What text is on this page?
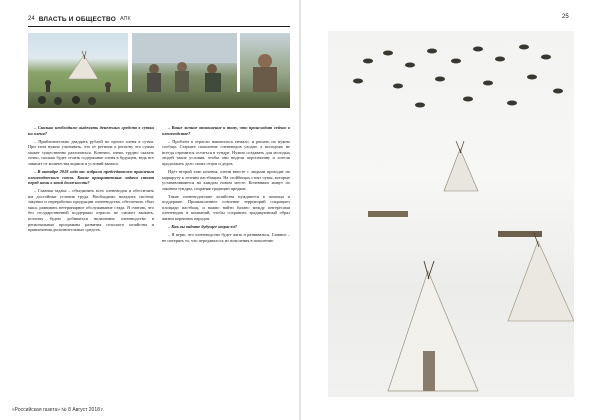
24 ВЛАСТЬ И ОБЩЕСТВО АПК	25

– Сколько необходимо выделять денежных средств в сутки на оленя?

– Приблизительно двадцать рублей на одного оленя в сутки. При этом нужно учитывать, что от региона к региону эта сумма может существенно различаться. Конечно, очень трудно сказать точно, сколько будет стоить содержание оленя в будущем, ведь все зависит от количества кормов и условий выпаса.

– В октябре 2018 года вас избрали председателем правления оленеводческого союза. Какие приоритетные задачи стоят перед вами в этой должности?

– Главная задача – объединить всех оленеводов и обеспечить им достойные условия труда. Необходимо наладить систему закупки и переработки продукции оленеводства, обеспечить сбыт мяса, развивать ветеринарное обслуживание стада. Я считаю, что без государственной поддержки отрасль не сможет выжить, поэтому будем добиваться включения оленеводства в региональные программы развития сельского хозяйства и привлечения дополнительных средств.

– Ваше личное отношение к тому, что происходит сейчас в оленеводстве?

– Проблем в отрасли накопилось немало, и решать их нужно сообща. Старшее поколение оленеводов уходит, а молодежь не всегда стремится остаться в тундре. Нужно создавать для молодых людей такие условия, чтобы они видели перспективу и хотели продолжать дело своих отцов и дедов.

Идёт второй этап кочевья, олени вместе с людьми проходят по маршруту к летним пастбищам. На стойбищах стоят чумы, которые устанавливаются на каждом новом месте. Кочевники живут по законам тундры, сохраняя традиции предков.

Такие оленеводческие хозяйства нуждаются в помощи и поддержке. Промышленное освоение территорий сокращает площади пастбищ, и важно найти баланс между интересами оленеводов и компаний, чтобы сохранить традиционный образ жизни коренных народов.

– Как вы видите будущее отрасли?

– Я верю, что оленеводство будет жить и развиваться. Главное – не потерять то, что передавалось из поколения в поколение.

«Российская газета» № 8 Август 2018 г.
